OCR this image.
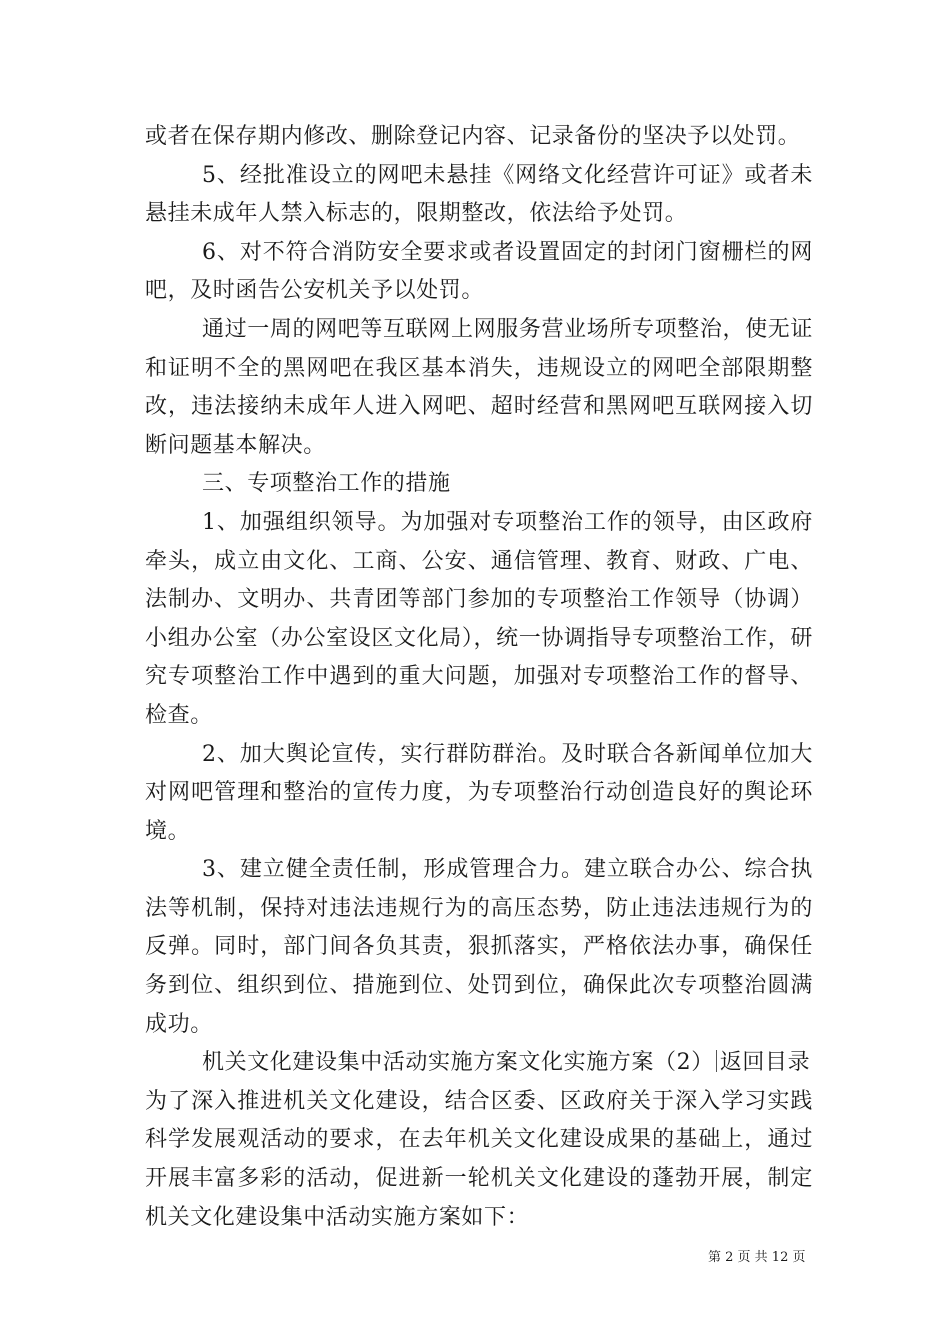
或者在保存期内修改、删除登记内容、记录备份的坚决予以处罚。

5、经批准设立的网吧未悬挂《网络文化经营许可证》或者未悬挂未成年人禁入标志的，限期整改，依法给予处罚。

6、对不符合消防安全要求或者设置固定的封闭门窗栅栏的网吧，及时函告公安机关予以处罚。

通过一周的网吧等互联网上网服务营业场所专项整治，使无证和证明不全的黑网吧在我区基本消失，违规设立的网吧全部限期整改，违法接纳未成年人进入网吧、超时经营和黑网吧互联网接入切断问题基本解决。

三、专项整治工作的措施

1、加强组织领导。为加强对专项整治工作的领导，由区政府牵头，成立由文化、工商、公安、通信管理、教育、财政、广电、法制办、文明办、共青团等部门参加的专项整治工作领导（协调）小组办公室（办公室设区文化局），统一协调指导专项整治工作，研究专项整治工作中遇到的重大问题，加强对专项整治工作的督导、检查。

2、加大舆论宣传，实行群防群治。及时联合各新闻单位加大对网吧管理和整治的宣传力度，为专项整治行动创造良好的舆论环境。

3、建立健全责任制，形成管理合力。建立联合办公、综合执法等机制，保持对违法违规行为的高压态势，防止违法违规行为的反弹。同时，部门间各负其责，狠抓落实，严格依法办事，确保任务到位、组织到位、措施到位、处罚到位，确保此次专项整治圆满成功。

机关文化建设集中活动实施方案文化实施方案（2） 返回目录

为了深入推进机关文化建设，结合区委、区政府关于深入学习实践科学发展观活动的要求，在去年机关文化建设成果的基础上，通过开展丰富多彩的活动，促进新一轮机关文化建设的蓬勃开展，制定机关文化建设集中活动实施方案如下：

第 2 页 共 12 页
